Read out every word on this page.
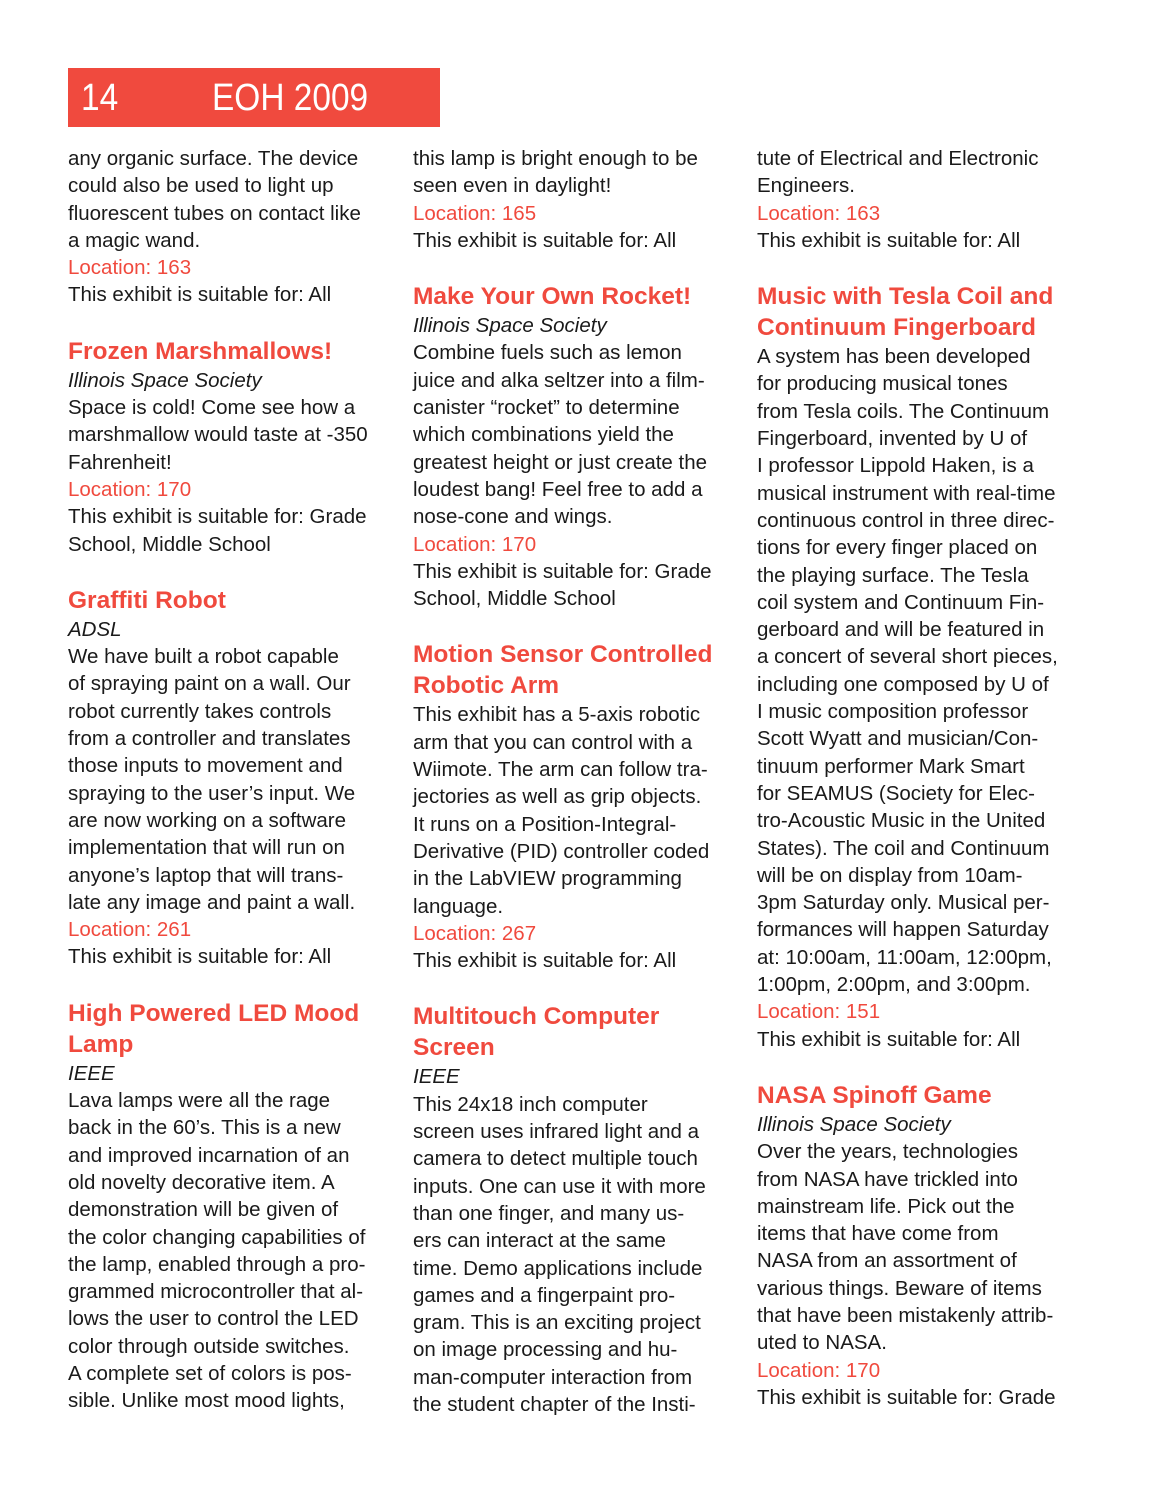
14 EOH 2009

any organic surface. The device
could also be used to light up
fluorescent tubes on contact like
a magic wand.

Location: 163

This exhibit is suitable for: All

Frozen Marshmallows!

Illinois Space Society

Space is cold! Come see how a
marshmallow would taste at -350
Fahrenheit!

Location: 170

This exhibit is suitable for: Grade
School, Middle School

Graffiti Robot

ADSL

We have built a robot capable
of spraying paint on a wall. Our
robot currently takes controls
from a controller and translates
those inputs to movement and
spraying to the user’s input. We
are now working on a software
implementation that will run on
anyone’s laptop that will trans-
late any image and paint a wall.

Location: 261

This exhibit is suitable for: All

High Powered LED Mood
Lamp

IEEE

Lava lamps were all the rage
back in the 60’s. This is a new
and improved incarnation of an
old novelty decorative item. A
demonstration will be given of
the color changing capabilities of
the lamp, enabled through a pro-
grammed microcontroller that al-
lows the user to control the LED
color through outside switches.
A complete set of colors is pos-
sible. Unlike most mood lights,

this lamp is bright enough to be
seen even in daylight!

Location: 165

This exhibit is suitable for: All

Make Your Own Rocket!

Illinois Space Society

Combine fuels such as lemon
juice and alka seltzer into a film-
canister “rocket” to determine
which combinations yield the
greatest height or just create the
loudest bang! Feel free to add a
nose-cone and wings.

Location: 170

This exhibit is suitable for: Grade
School, Middle School

Motion Sensor Controlled
Robotic Arm

This exhibit has a 5-axis robotic
arm that you can control with a
Wiimote. The arm can follow tra-
jectories as well as grip objects.
It runs on a Position-Integral-
Derivative (PID) controller coded
in the LabVIEW programming
language.

Location: 267

This exhibit is suitable for: All

Multitouch Computer
Screen

IEEE

This 24x18 inch computer
screen uses infrared light and a
camera to detect multiple touch
inputs. One can use it with more
than one finger, and many us-
ers can interact at the same
time. Demo applications include
games and a fingerpaint pro-
gram. This is an exciting project
on image processing and hu-
man-computer interaction from
the student chapter of the Insti-

tute of Electrical and Electronic
Engineers.

Location: 163

This exhibit is suitable for: All

Music with Tesla Coil and
Continuum Fingerboard

A system has been developed
for producing musical tones
from Tesla coils. The Continuum
Fingerboard, invented by U of
I professor Lippold Haken, is a
musical instrument with real-time
continuous control in three direc-
tions for every finger placed on
the playing surface. The Tesla
coil system and Continuum Fin-
gerboard and will be featured in
a concert of several short pieces,
including one composed by U of
I music composition professor
Scott Wyatt and musician/Con-
tinuum performer Mark Smart
for SEAMUS (Society for Elec-
tro-Acoustic Music in the United
States). The coil and Continuum
will be on display from 10am-
3pm Saturday only. Musical per-
formances will happen Saturday
at: 10:00am, 11:00am, 12:00pm,
1:00pm, 2:00pm, and 3:00pm.

Location: 151

This exhibit is suitable for: All

NASA Spinoff Game

Illinois Space Society

Over the years, technologies
from NASA have trickled into
mainstream life. Pick out the
items that have come from
NASA from an assortment of
various things. Beware of items
that have been mistakenly attrib-
uted to NASA.

Location: 170

This exhibit is suitable for: Grade
